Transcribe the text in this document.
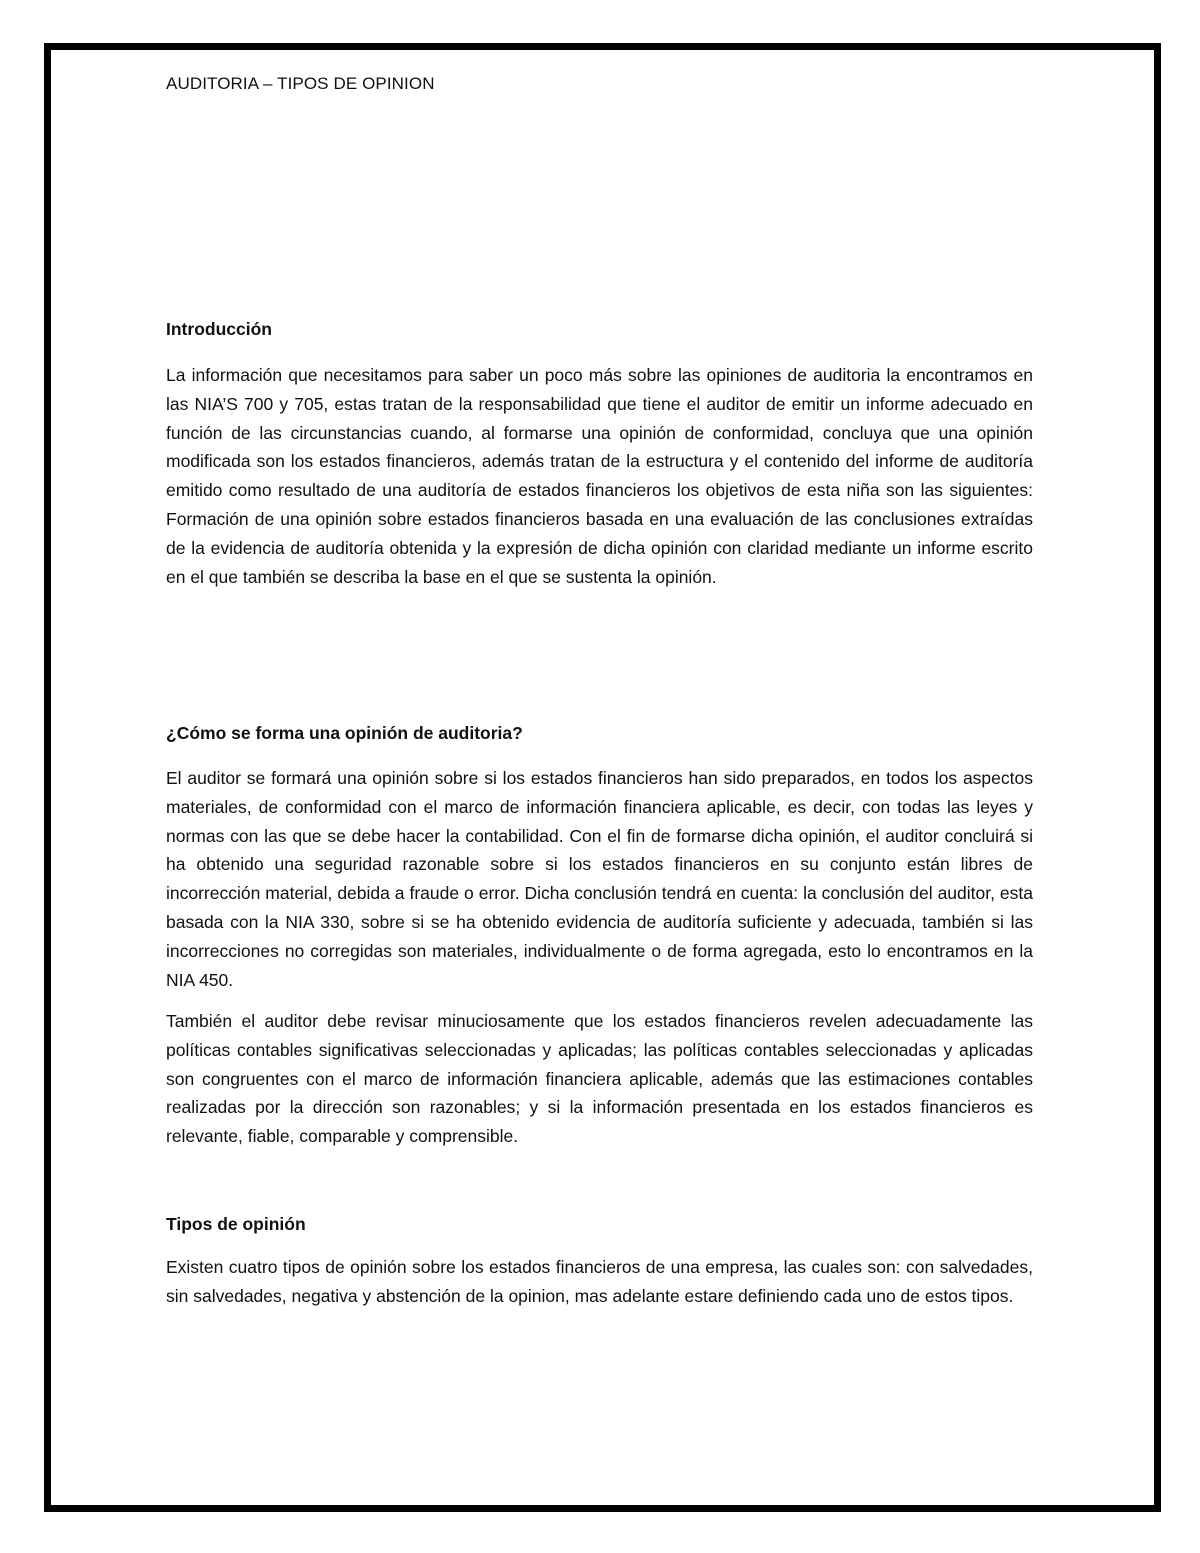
AUDITORIA – TIPOS DE OPINION

Introducción

La información que necesitamos para saber un poco más sobre las opiniones de auditoria la encontramos en las NIA’S 700 y 705, estas tratan de la responsabilidad que tiene el auditor de emitir un informe adecuado en función de las circunstancias cuando, al formarse una opinión de conformidad, concluya que una opinión modificada son los estados financieros, además tratan de la estructura y el contenido del informe de auditoría emitido como resultado de una auditoría de estados financieros los objetivos de esta niña son las siguientes: Formación de una opinión sobre estados financieros basada en una evaluación de las conclusiones extraídas de la evidencia de auditoría obtenida y la expresión de dicha opinión con claridad mediante un informe escrito en el que también se describa la base en el que se sustenta la opinión.

¿Cómo se forma una opinión de auditoria?

El auditor se formará una opinión sobre si los estados financieros han sido preparados, en todos los aspectos materiales, de conformidad con el marco de información financiera aplicable, es decir, con todas las leyes y normas con las que se debe hacer la contabilidad. Con el fin de formarse dicha opinión, el auditor concluirá si ha obtenido una seguridad razonable sobre si los estados financieros en su conjunto están libres de incorrección material, debida a fraude o error. Dicha conclusión tendrá en cuenta: la conclusión del auditor, esta basada con la NIA 330, sobre si se ha obtenido evidencia de auditoría suficiente y adecuada, también si las incorrecciones no corregidas son materiales, individualmente o de forma agregada, esto lo encontramos en la NIA 450.

También el auditor debe revisar minuciosamente que los estados financieros revelen adecuadamente las políticas contables significativas seleccionadas y aplicadas; las políticas contables seleccionadas y aplicadas son congruentes con el marco de información financiera aplicable, además que las estimaciones contables realizadas por la dirección son razonables; y si la información presentada en los estados financieros es relevante, fiable, comparable y comprensible.

Tipos de opinión

Existen cuatro tipos de opinión sobre los estados financieros de una empresa, las cuales son: con salvedades, sin salvedades, negativa y abstención de la opinion, mas adelante estare definiendo cada uno de estos tipos.
